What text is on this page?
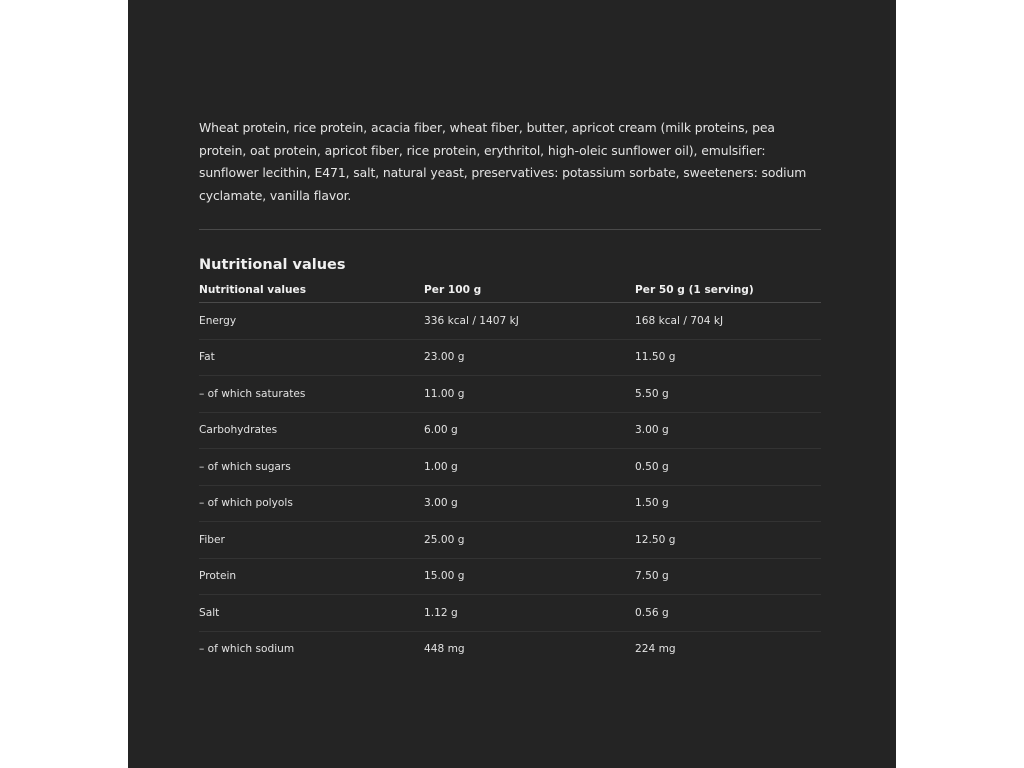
Wheat protein, rice protein, acacia fiber, wheat fiber, butter, apricot cream (milk proteins, pea protein, oat protein, apricot fiber, rice protein, erythritol, high-oleic sunflower oil), emulsifier: sunflower lecithin, E471, salt, natural yeast, preservatives: potassium sorbate, sweeteners: sodium cyclamate, vanilla flavor.

Nutritional values
Nutritional values	Per 100 g	Per 50 g (1 serving)
Energy	336 kcal / 1407 kJ	168 kcal / 704 kJ
Fat	23.00 g	11.50 g
– of which saturates	11.00 g	5.50 g
Carbohydrates	6.00 g	3.00 g
– of which sugars	1.00 g	0.50 g
– of which polyols	3.00 g	1.50 g
Fiber	25.00 g	12.50 g
Protein	15.00 g	7.50 g
Salt	1.12 g	0.56 g
– of which sodium	448 mg	224 mg
